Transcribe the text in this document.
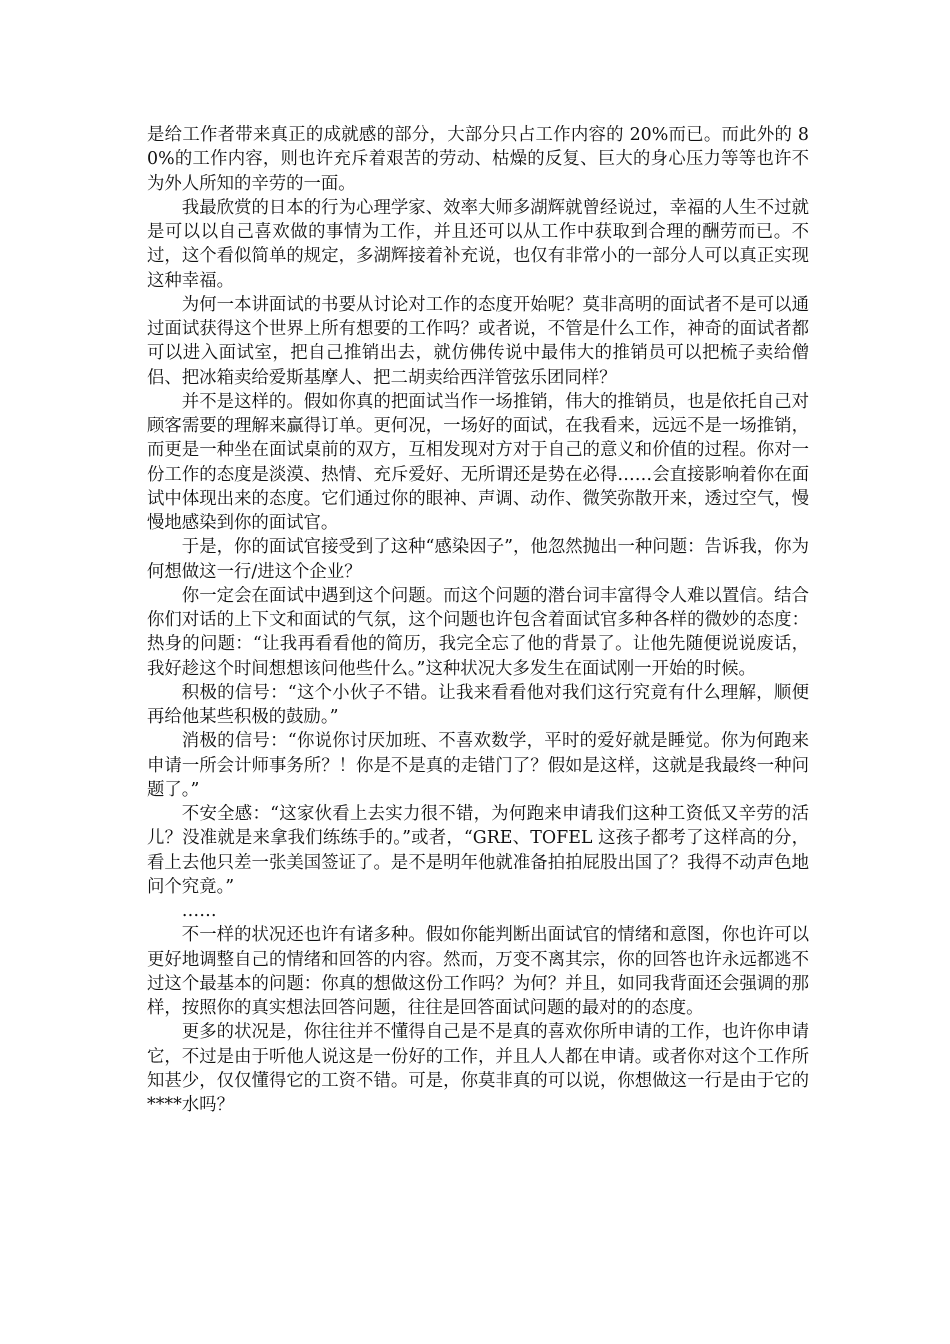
是给工作者带来真正的成就感的部分，大部分只占工作内容的 20%而已。而此外的 80%的工作内容，则也许充斥着艰苦的劳动、枯燥的反复、巨大的身心压力等等也许不为外人所知的辛劳的一面。

我最欣赏的日本的行为心理学家、效率大师多湖辉就曾经说过，幸福的人生不过就是可以以自己喜欢做的事情为工作，并且还可以从工作中获取到合理的酬劳而已。不过，这个看似简单的规定，多湖辉接着补充说，也仅有非常小的一部分人可以真正实现这种幸福。

为何一本讲面试的书要从讨论对工作的态度开始呢？莫非高明的面试者不是可以通过面试获得这个世界上所有想要的工作吗？或者说，不管是什么工作，神奇的面试者都可以进入面试室，把自己推销出去，就仿佛传说中最伟大的推销员可以把梳子卖给僧侣、把冰箱卖给爱斯基摩人、把二胡卖给西洋管弦乐团同样？

并不是这样的。假如你真的把面试当作一场推销，伟大的推销员，也是依托自己对顾客需要的理解来赢得订单。更何况，一场好的面试，在我看来，远远不是一场推销，而更是一种坐在面试桌前的双方，互相发现对方对于自己的意义和价值的过程。你对一份工作的态度是淡漠、热情、充斥爱好、无所谓还是势在必得……会直接影响着你在面试中体现出来的态度。它们通过你的眼神、声调、动作、微笑弥散开来，透过空气，慢慢地感染到你的面试官。

于是，你的面试官接受到了这种“感染因子”，他忽然抛出一种问题：告诉我，你为何想做这一行/进这个企业？

你一定会在面试中遇到这个问题。而这个问题的潜台词丰富得令人难以置信。结合你们对话的上下文和面试的气氛，这个问题也许包含着面试官多种各样的微妙的态度：热身的问题：“让我再看看他的简历，我完全忘了他的背景了。让他先随便说说废话，我好趁这个时间想想该问他些什么。”这种状况大多发生在面试刚一开始的时候。

积极的信号：“这个小伙子不错。让我来看看他对我们这行究竟有什么理解，顺便再给他某些积极的鼓励。”

消极的信号：“你说你讨厌加班、不喜欢数学，平时的爱好就是睡觉。你为何跑来申请一所会计师事务所？！你是不是真的走错门了？假如是这样，这就是我最终一种问题了。”

不安全感：“这家伙看上去实力很不错，为何跑来申请我们这种工资低又辛劳的活儿？没准就是来拿我们练练手的。”或者，“GRE、TOFEL 这孩子都考了这样高的分，看上去他只差一张美国签证了。是不是明年他就准备拍拍屁股出国了？我得不动声色地问个究竟。”

……

不一样的状况还也许有诸多种。假如你能判断出面试官的情绪和意图，你也许可以更好地调整自己的情绪和回答的内容。然而，万变不离其宗，你的回答也许永远都逃不过这个最基本的问题：你真的想做这份工作吗？为何？并且，如同我背面还会强调的那样，按照你的真实想法回答问题，往往是回答面试问题的最对的的态度。

更多的状况是，你往往并不懂得自己是不是真的喜欢你所申请的工作，也许你申请它，不过是由于听他人说这是一份好的工作，并且人人都在申请。或者你对这个工作所知甚少，仅仅懂得它的工资不错。可是，你莫非真的可以说，你想做这一行是由于它的****水吗？
